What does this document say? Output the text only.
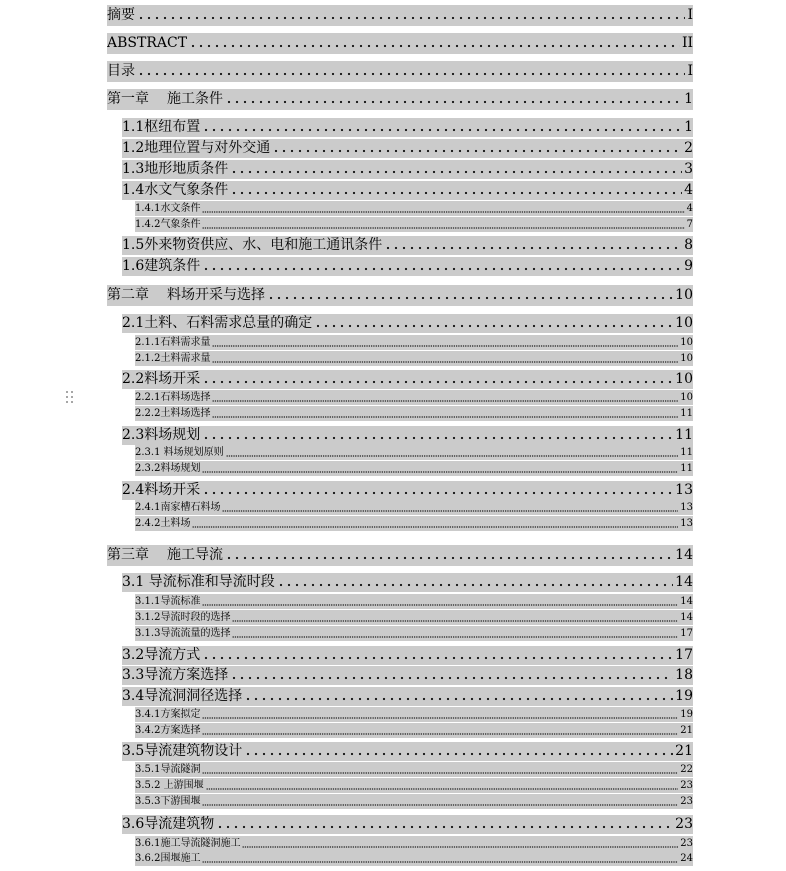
摘要	I
ABSTRACT	II
目录	I
第一章 施工条件	1
1.1枢纽布置	1
1.2地理位置与对外交通	2
1.3地形地质条件	3
1.4水文气象条件	4
1.4.1水文条件	4
1.4.2气象条件	7
1.5外来物资供应、水、电和施工通讯条件	8
1.6建筑条件	9
第二章 料场开采与选择	10
2.1土料、石料需求总量的确定	10
2.1.1石料需求量	10
2.1.2土料需求量	10
2.2料场开采	10
2.2.1石料场选择	10
2.2.2土料场选择	11
2.3料场规划	11
2.3.1 料场规划原则	11
2.3.2料场规划	11
2.4料场开采	13
2.4.1南家槽石料场	13
2.4.2土料场	13
第三章 施工导流	14
3.1 导流标准和导流时段	14
3.1.1导流标准	14
3.1.2导流时段的选择	14
3.1.3导流流量的选择	17
3.2导流方式	17
3.3导流方案选择	18
3.4导流洞洞径选择	19
3.4.1方案拟定	19
3.4.2方案选择	21
3.5导流建筑物设计	21
3.5.1导流隧洞	22
3.5.2 上游围堰	23
3.5.3下游围堰	23
3.6导流建筑物	23
3.6.1施工导流隧洞施工	23
3.6.2围堰施工	24
